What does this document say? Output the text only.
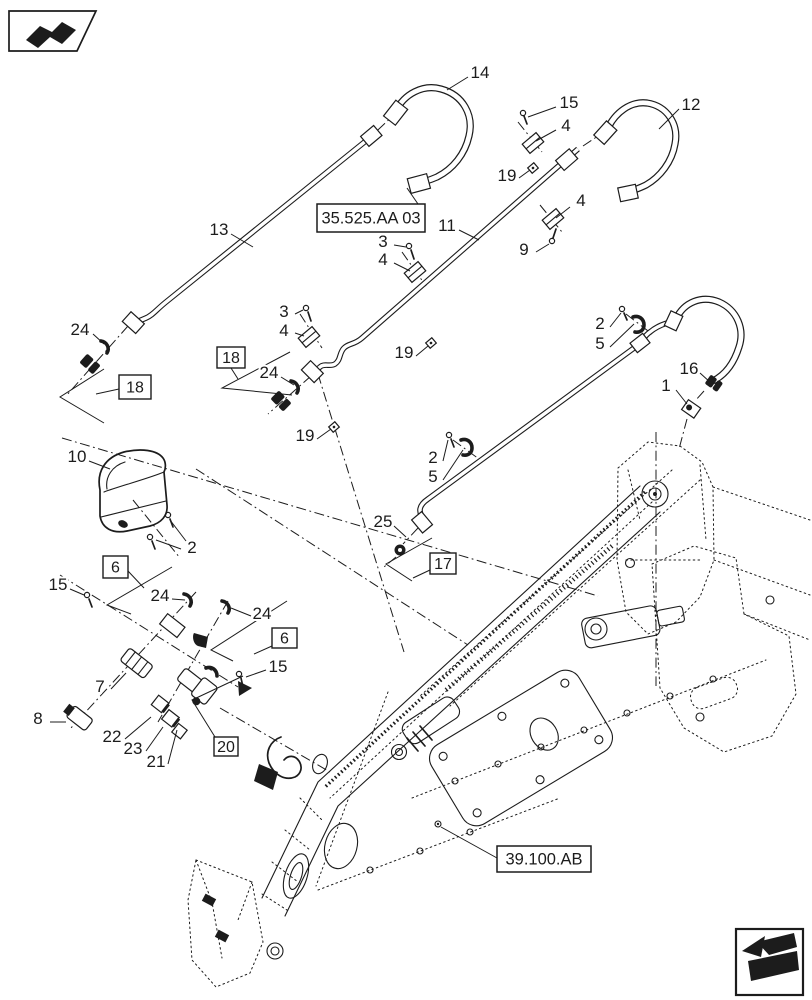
18
18
6
6
17
20
35.525.AA 03
39.100.AB
14
12
15
4
19
4
9
13	11
3
4
19
3
4
24
24
19
2
5
16
1
2
5
25
10
2
15
24
24
7
8
22
23
21
15
